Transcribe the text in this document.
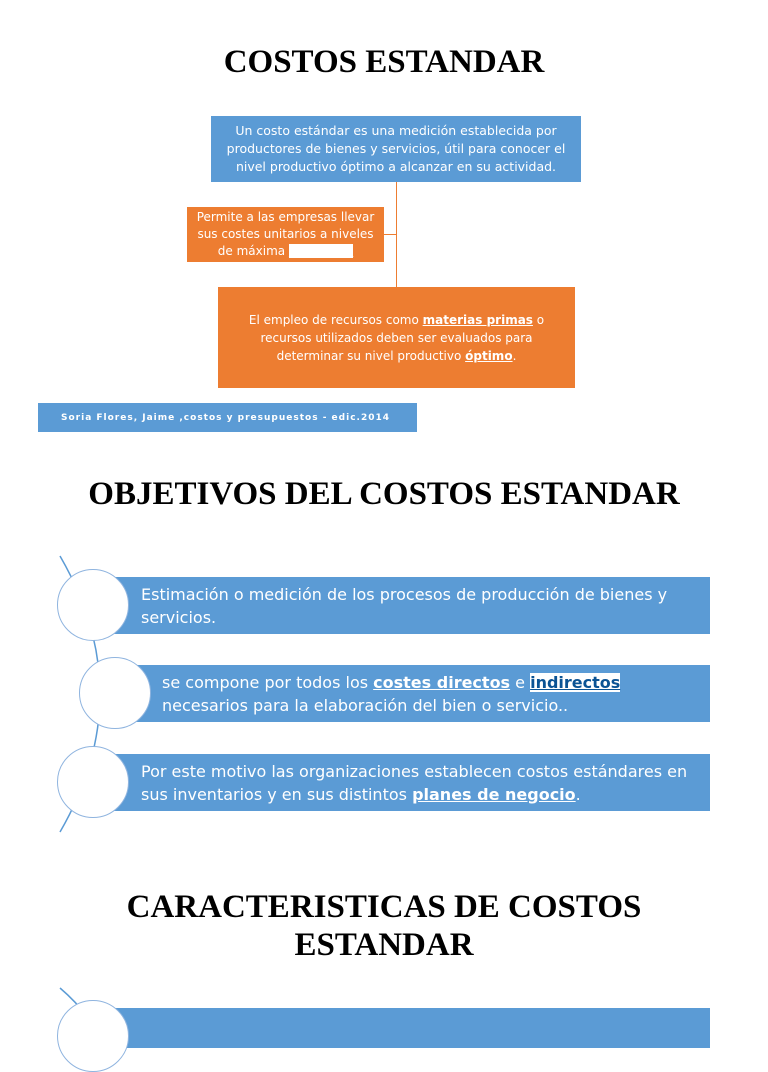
COSTOS ESTANDAR
Un costo estándar es una medición establecida por productores de bienes y servicios, útil para conocer el nivel productivo óptimo a alcanzar en su actividad.
Permite a las empresas llevar sus costes unitarios a niveles de máxima eficiencia
El empleo de recursos como materias primas o recursos utilizados deben ser evaluados para determinar su nivel productivo óptimo.
Soria Flores, Jaime ,costos y presupuestos - edic.2014
OBJETIVOS DEL COSTOS ESTANDAR
Estimación o medición de los procesos de producción de bienes y servicios.
se compone por todos los costes directos e indirectos necesarios para la elaboración del bien o servicio..
Por este motivo las organizaciones establecen costos estándares en sus inventarios y en sus distintos planes de negocio.
CARACTERISTICAS DE COSTOS
ESTANDAR
